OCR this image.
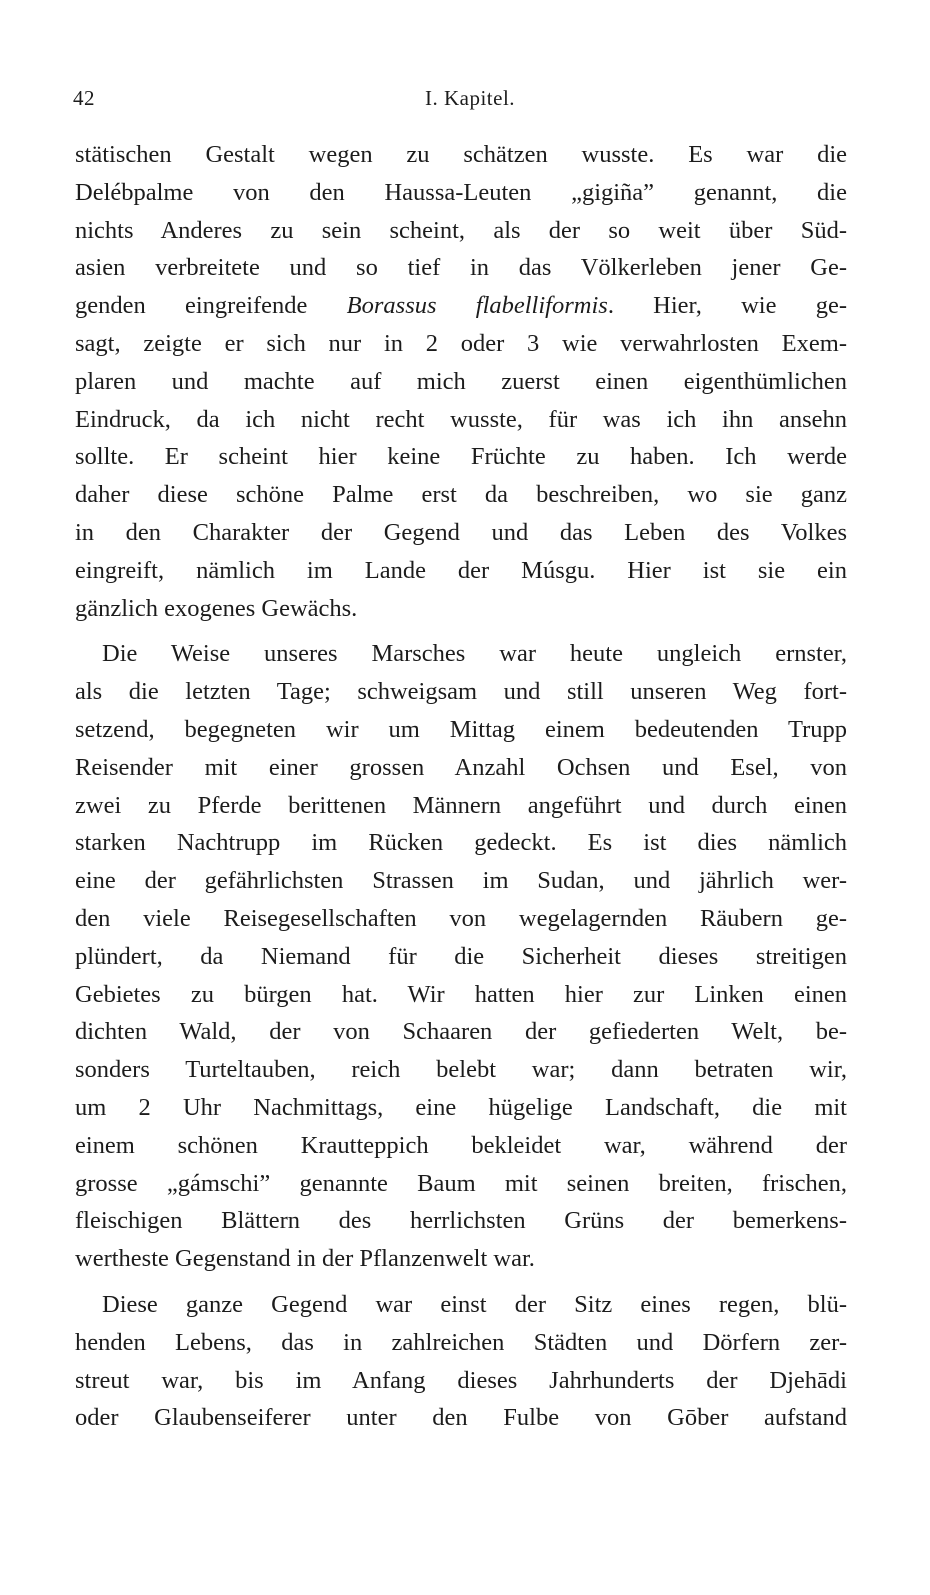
42	I. Kapitel.
stätischen Gestalt wegen zu schätzen wusste. Es war die
Delébpalme von den Haussa-Leuten „gigiña” genannt, die
nichts Anderes zu sein scheint, als der so weit über Süd-
asien verbreitete und so tief in das Völkerleben jener Ge-
genden eingreifende Borassus flabelliformis. Hier, wie ge-
sagt, zeigte er sich nur in 2 oder 3 wie verwahrlosten Exem-
plaren und machte auf mich zuerst einen eigenthümlichen
Eindruck, da ich nicht recht wusste, für was ich ihn ansehn
sollte. Er scheint hier keine Früchte zu haben. Ich werde
daher diese schöne Palme erst da beschreiben, wo sie ganz
in den Charakter der Gegend und das Leben des Volkes
eingreift, nämlich im Lande der Músgu. Hier ist sie ein
gänzlich exogenes Gewächs.
Die Weise unseres Marsches war heute ungleich ernster,
als die letzten Tage; schweigsam und still unseren Weg fort-
setzend, begegneten wir um Mittag einem bedeutenden Trupp
Reisender mit einer grossen Anzahl Ochsen und Esel, von
zwei zu Pferde berittenen Männern angeführt und durch einen
starken Nachtrupp im Rücken gedeckt. Es ist dies nämlich
eine der gefährlichsten Strassen im Sudan, und jährlich wer-
den viele Reisegesellschaften von wegelagernden Räubern ge-
plündert, da Niemand für die Sicherheit dieses streitigen
Gebietes zu bürgen hat. Wir hatten hier zur Linken einen
dichten Wald, der von Schaaren der gefiederten Welt, be-
sonders Turteltauben, reich belebt war; dann betraten wir,
um 2 Uhr Nachmittags, eine hügelige Landschaft, die mit
einem schönen Krautteppich bekleidet war, während der
grosse „gámschi” genannte Baum mit seinen breiten, frischen,
fleischigen Blättern des herrlichsten Grüns der bemerkens-
wertheste Gegenstand in der Pflanzenwelt war.
Diese ganze Gegend war einst der Sitz eines regen, blü-
henden Lebens, das in zahlreichen Städten und Dörfern zer-
streut war, bis im Anfang dieses Jahrhunderts der Djehādi
oder Glaubenseiferer unter den Fulbe von Gōber aufstand
